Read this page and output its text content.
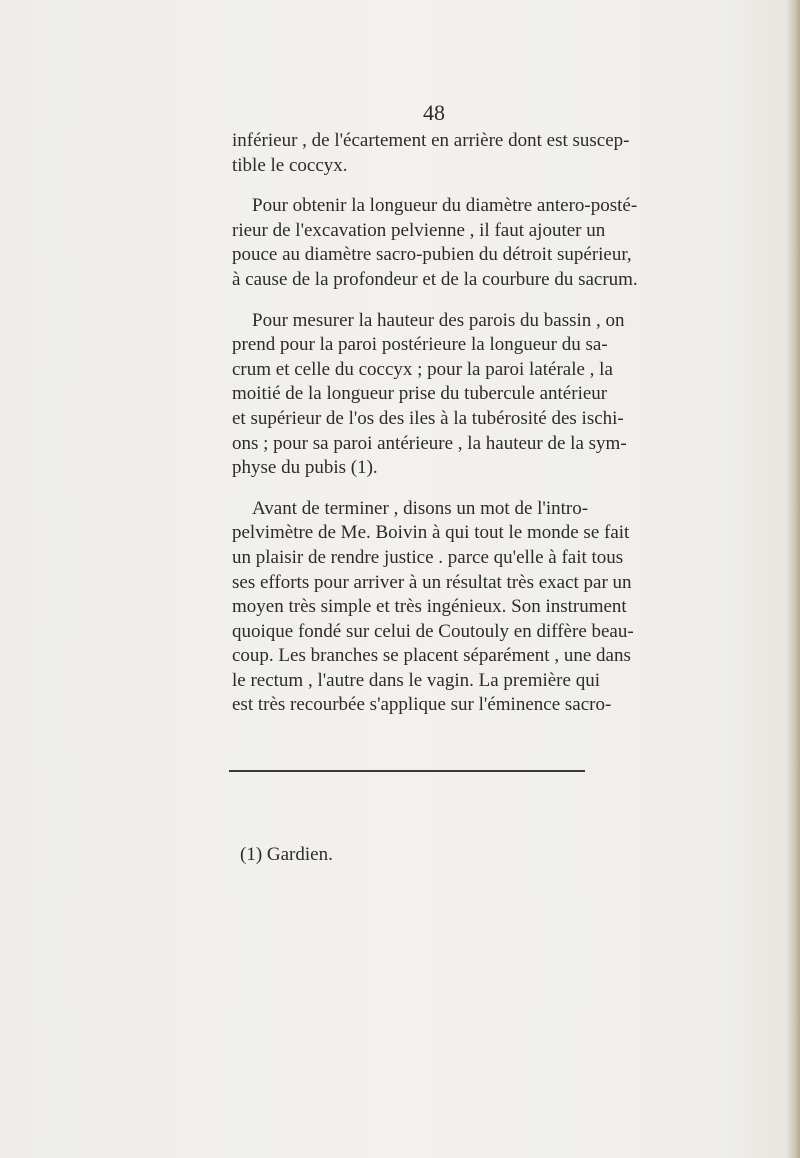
48
inférieur , de l'écartement en arrière dont est suscep-
tible le coccyx.
Pour obtenir la longueur du diamètre antero-posté-
rieur de l'excavation pelvienne , il faut ajouter un
pouce au diamètre sacro-pubien du détroit supérieur,
à cause de la profondeur et de la courbure du sacrum.
Pour mesurer la hauteur des parois du bassin , on
prend pour la paroi postérieure la longueur du sa-
crum et celle du coccyx ; pour la paroi latérale , la
moitié de la longueur prise du tubercule antérieur
et supérieur de l'os des iles à la tubérosité des ischi-
ons ; pour sa paroi antérieure , la hauteur de la sym-
physe du pubis (1).
Avant de terminer , disons un mot de l'intro-
pelvimètre de Me. Boivin à qui tout le monde se fait
un plaisir de rendre justice . parce qu'elle à fait tous
ses efforts pour arriver à un résultat très exact par un
moyen très simple et très ingénieux. Son instrument
quoique fondé sur celui de Coutouly en diffère beau-
coup. Les branches se placent séparément , une dans
le rectum , l'autre dans le vagin. La première qui
est très recourbée s'applique sur l'éminence sacro-
(1) Gardien.
